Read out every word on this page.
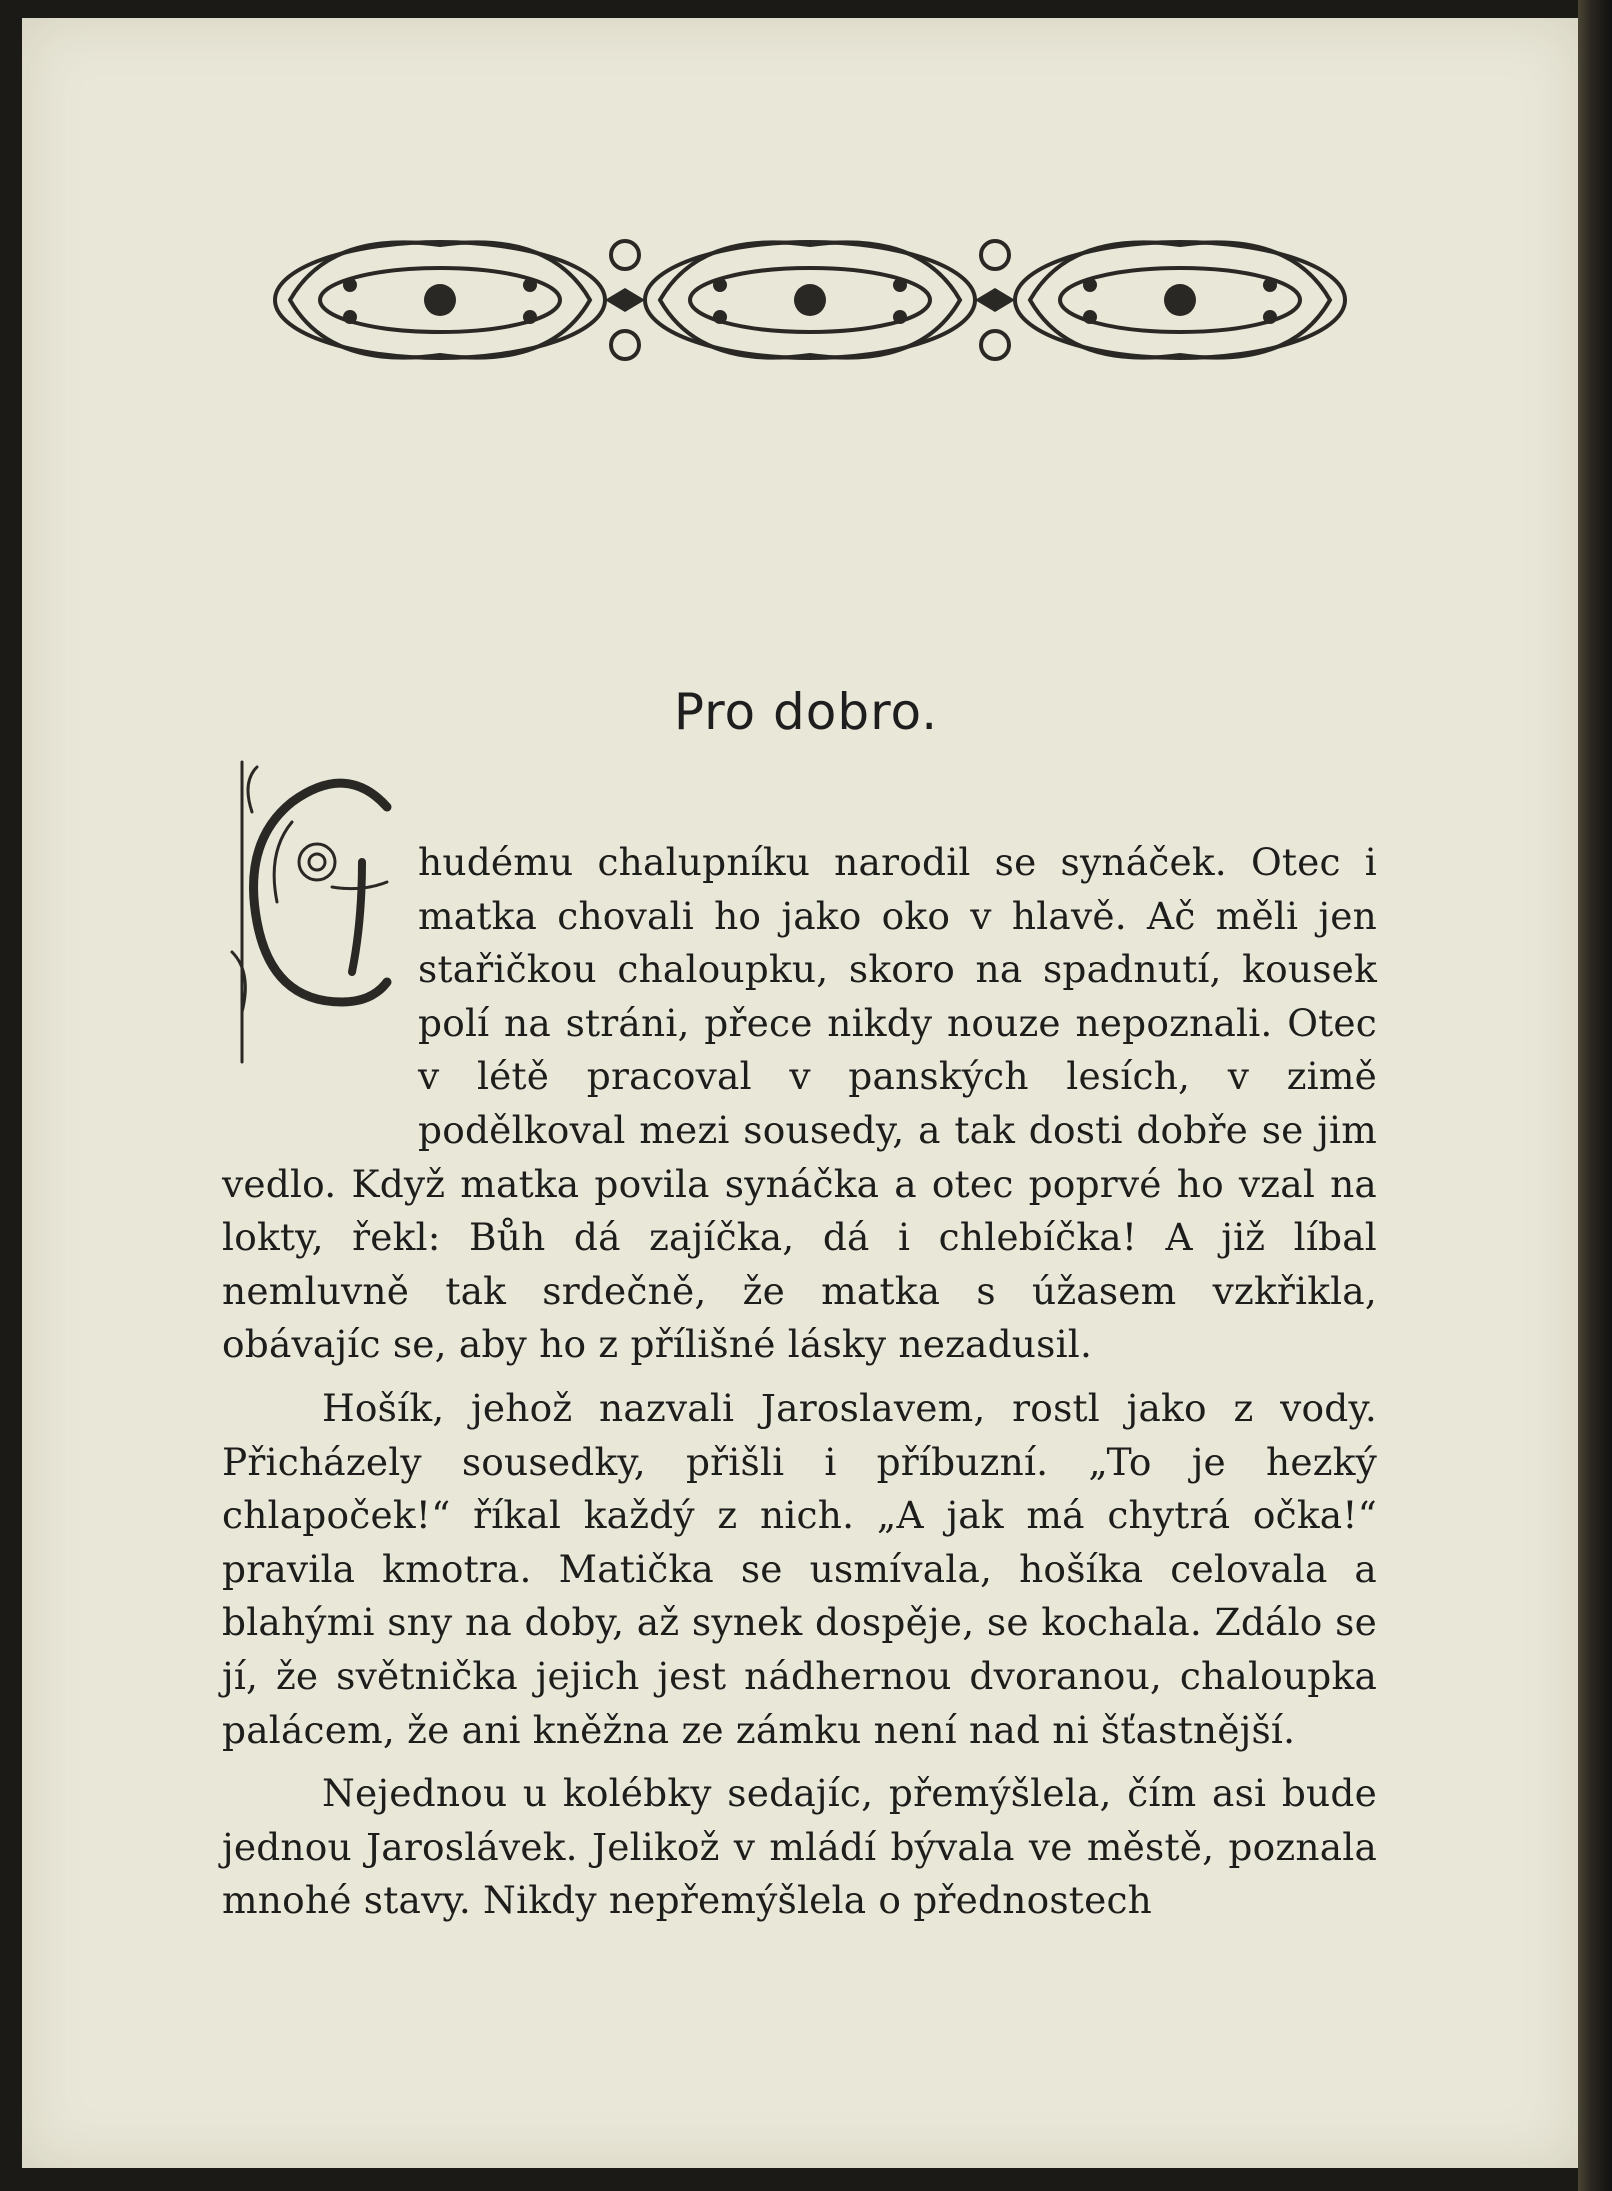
Pro dobro.
C

hudému chalupníku narodil se synáček. Otec i matka chovali ho jako oko v hlavě. Ač měli jen stařičkou chaloupku, skoro na spadnutí, kousek polí na stráni, přece nikdy nouze nepoznali. Otec v létě pracoval v panských lesích, v zimě podělkoval mezi sousedy, a tak dosti dobře se jim vedlo. Když matka povila synáčka a otec poprvé ho vzal na lokty, řekl: Bůh dá zajíčka, dá i chlebíčka! A již líbal nemluvně tak srdečně, že matka s úžasem vzkřikla, obávajíc se, aby ho z přílišné lásky nezadusil.

Hošík, jehož nazvali Jaroslavem, rostl jako z vody. Přicházely sousedky, přišli i příbuzní. „To je hezký chlapoček!“ říkal každý z nich. „A jak má chytrá očka!“ pravila kmotra. Matička se usmívala, hošíka celovala a blahými sny na doby, až synek dospěje, se kochala. Zdálo se jí, že světnička jejich jest nádhernou dvoranou, chaloupka palácem, že ani kněžna ze zámku není nad ni šťastnější.

Nejednou u kolébky sedajíc, přemýšlela, čím asi bude jednou Jaroslávek. Jelikož v mládí bývala ve městě, poznala mnohé stavy. Nikdy nepřemýšlela o přednostech
